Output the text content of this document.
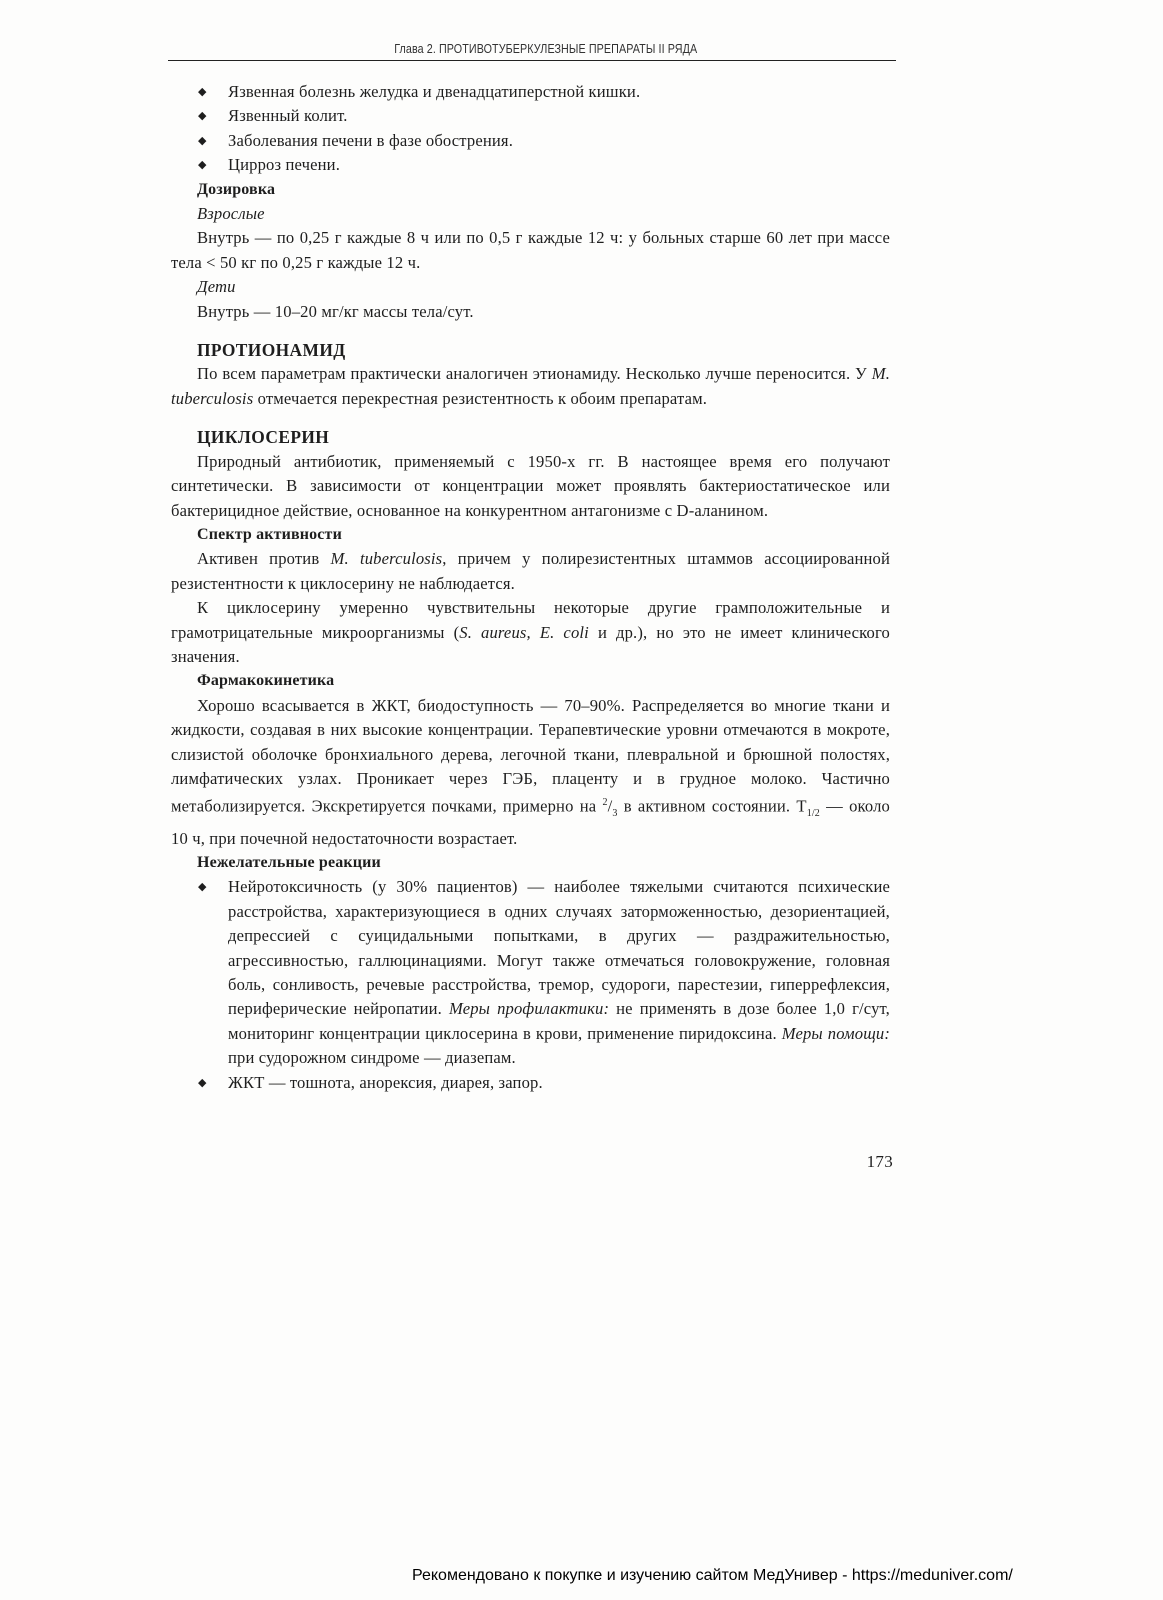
Глава 2. ПРОТИВОТУБЕРКУЛЕЗНЫЕ ПРЕПАРАТЫ II РЯДА
◆ Язвенная болезнь желудка и двенадцатиперстной кишки.
◆ Язвенный колит.
◆ Заболевания печени в фазе обострения.
◆ Цирроз печени.

Дозировка

Взрослые

Внутрь — по 0,25 г каждые 8 ч или по 0,5 г каждые 12 ч: у больных старше 60 лет при массе тела < 50 кг по 0,25 г каждые 12 ч.

Дети

Внутрь — 10–20 мг/кг массы тела/сут.

ПРОТИОНАМИД

По всем параметрам практически аналогичен этионамиду. Несколько лучше переносится. У M. tuberculosis отмечается перекрестная резистентность к обоим препаратам.

ЦИКЛОСЕРИН

Природный антибиотик, применяемый с 1950-х гг. В настоящее время его получают синтетически. В зависимости от концентрации может проявлять бактериостатическое или бактерицидное действие, основанное на конкурентном антагонизме с D-аланином.

Спектр активности

Активен против M. tuberculosis, причем у полирезистентных штаммов ассоциированной резистентности к циклосерину не наблюдается.

К циклосерину умеренно чувствительны некоторые другие грамположительные и грамотрицательные микроорганизмы (S. aureus, E. coli и др.), но это не имеет клинического значения.

Фармакокинетика

Хорошо всасывается в ЖКТ, биодоступность — 70–90%. Распределяется во многие ткани и жидкости, создавая в них высокие концентрации. Терапевтические уровни отмечаются в мокроте, слизистой оболочке бронхиального дерева, легочной ткани, плевральной и брюшной полостях, лимфатических узлах. Проникает через ГЭБ, плаценту и в грудное молоко. Частично метаболизируется. Экскретируется почками, примерно на $^2/_3$ в активном состоянии. $T_{1/2}$ — около 10 ч, при почечной недостаточности возрастает.

Нежелательные реакции

◆ Нейротоксичность (у 30% пациентов) — наиболее тяжелыми считаются психические расстройства, характеризующиеся в одних случаях заторможенностью, дезориентацией, депрессией с суицидальными попытками, в других — раздражительностью, агрессивностью, галлюцинациями. Могут также отмечаться головокружение, головная боль, сонливость, речевые расстройства, тремор, судороги, парестезии, гиперрефлексия, периферические нейропатии. Меры профилактики: не применять в дозе более 1,0 г/сут, мониторинг концентрации циклосерина в крови, применение пиридоксина. Меры помощи: при судорожном синдроме — диазепам.
◆ ЖКТ — тошнота, анорексия, диарея, запор.
173
Рекомендовано к покупке и изучению сайтом МедУнивер - https://meduniver.com/
